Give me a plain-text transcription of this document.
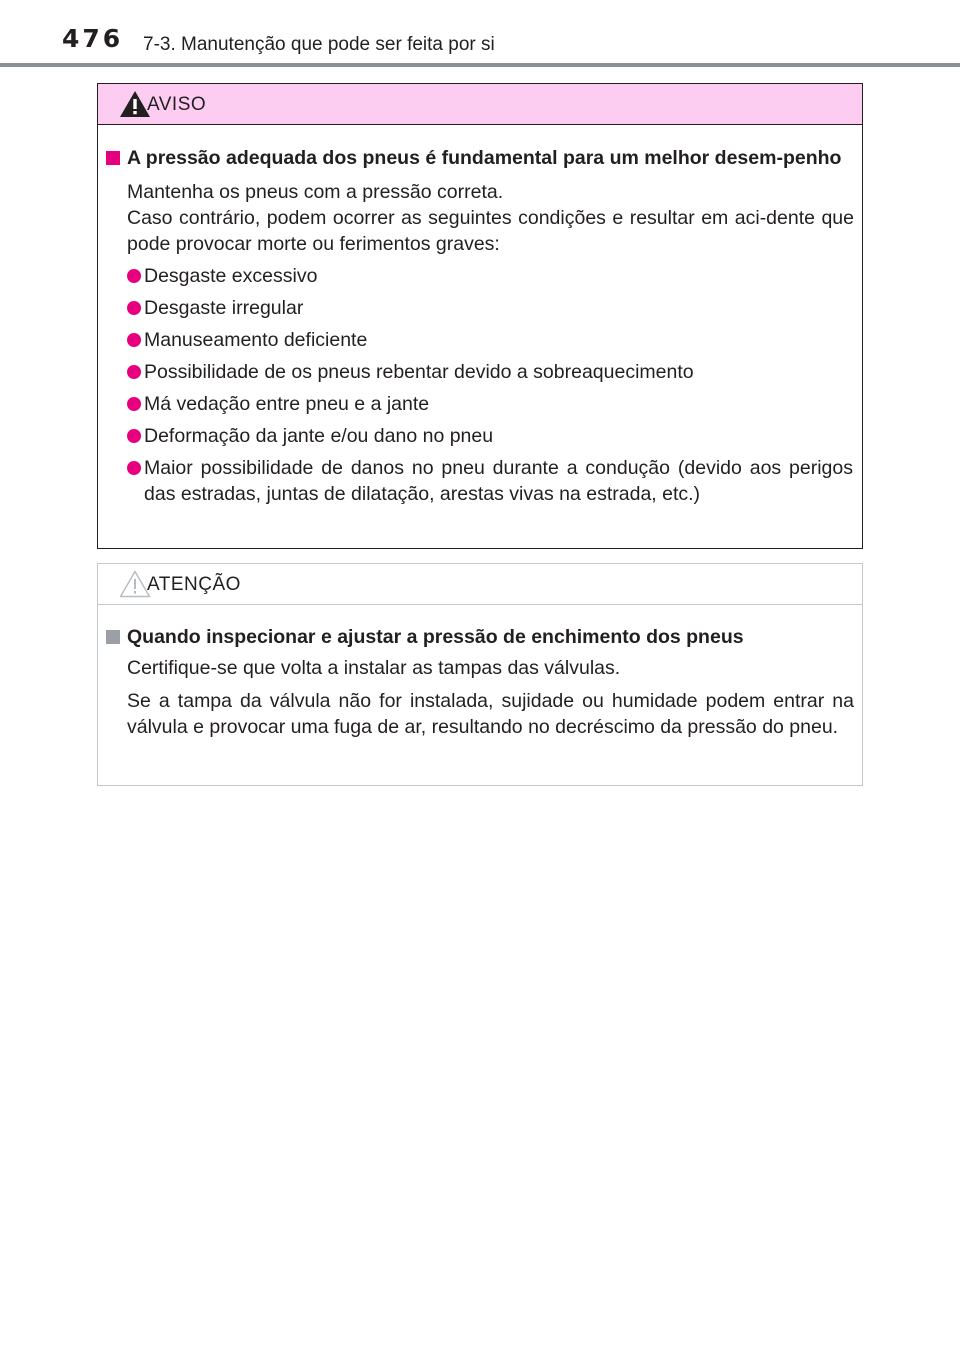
476 7-3. Manutenção que pode ser feita por si
AVISO
A pressão adequada dos pneus é fundamental para um melhor desem-penho
Mantenha os pneus com a pressão correta.
Caso contrário, podem ocorrer as seguintes condições e resultar em aci-dente que pode provocar morte ou ferimentos graves:
Desgaste excessivo
Desgaste irregular
Manuseamento deficiente
Possibilidade de os pneus rebentar devido a sobreaquecimento
Má vedação entre pneu e a jante
Deformação da jante e/ou dano no pneu
Maior possibilidade de danos no pneu durante a condução (devido aos perigos das estradas, juntas de dilatação, arestas vivas na estrada, etc.)
ATENÇÃO
Quando inspecionar e ajustar a pressão de enchimento dos pneus
Certifique-se que volta a instalar as tampas das válvulas.
Se a tampa da válvula não for instalada, sujidade ou humidade podem entrar na válvula e provocar uma fuga de ar, resultando no decréscimo da pressão do pneu.
